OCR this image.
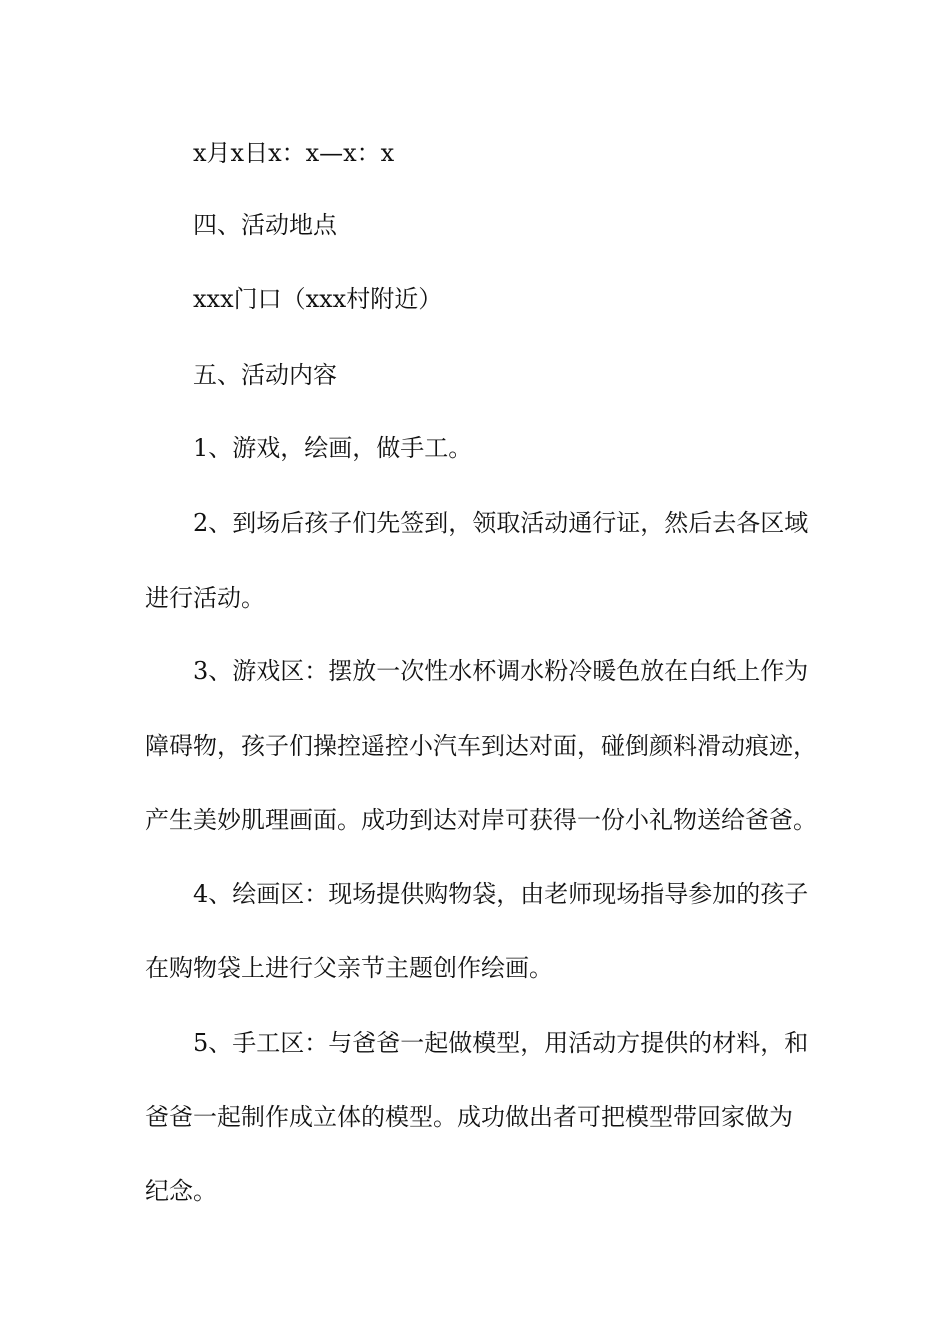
x月x日x：x—x：x
四、活动地点
xxx门口（xxx村附近）
五、活动内容
1、游戏，绘画，做手工。
2、到场后孩子们先签到，领取活动通行证，然后去各区域
进行活动。
3、游戏区：摆放一次性水杯调水粉冷暖色放在白纸上作为
障碍物，孩子们操控遥控小汽车到达对面，碰倒颜料滑动痕迹，
产生美妙肌理画面。成功到达对岸可获得一份小礼物送给爸爸。
4、绘画区：现场提供购物袋，由老师现场指导参加的孩子
在购物袋上进行父亲节主题创作绘画。
5、手工区：与爸爸一起做模型，用活动方提供的材料，和
爸爸一起制作成立体的模型。成功做出者可把模型带回家做为
纪念。
